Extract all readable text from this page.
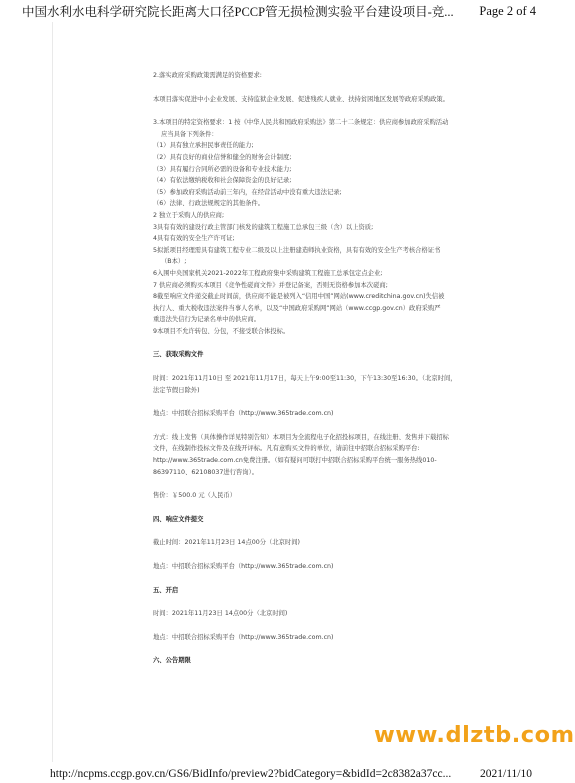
中国水利水电科学研究院长距离大口径PCCP管无损检测实验平台建设项目-竞... Page 2 of 4

2.落实政府采购政策需满足的资格要求:

本项目落实促进中小企业发展、支持监狱企业发展、促进残疾人就业、扶持贫困地区发展等政府采购政策。

3.本项目的特定资格要求：1 按《中华人民共和国政府采购法》第二十二条规定：供应商参加政府采购活动

应当具备下列条件：

（1）具有独立承担民事责任的能力;

（2）具有良好的商业信誉和健全的财务会计制度;

（3）具有履行合同所必需的设备和专业技术能力;

（4）有依法缴纳税收和社会保障资金的良好记录;

（5）参加政府采购活动前三年内，在经营活动中没有重大违法记录;

（6）法律、行政法规规定的其他条件。

2 独立于采购人的供应商;

3具有有效的建设行政主管部门核发的建筑工程施工总承包三级（含）以上资质;

4具有有效的安全生产许可证;

5拟派项目经理需具有建筑工程专业二级及以上注册建造师执业资格，具有有效的安全生产考核合格证书

（B本）;

6入围中央国家机关2021-2022年工程政府集中采购建筑工程施工总承包定点企业;

7 供应商必须购买本项目《竞争性磋商文件》并登记备案，否则无资格参加本次磋商;

8截至响应文件递交截止时间前，供应商不能是被列入“信用中国”网站(www.creditchina.gov.cn)失信被

执行人、重大税收违法案件当事人名单，以及“中国政府采购网”网站（www.ccgp.gov.cn）政府采购严

重违法失信行为记录名单中的供应商。

9本项目不允许转包、分包，不接受联合体投标。

三、获取采购文件

时间：2021年11月10日 至 2021年11月17日，每天上午9:00至11:30，下午13:30至16:30。（北京时间，

法定节假日除外)

地点：中招联合招标采购平台（http://www.365trade.com.cn)

方式：线上发售（具体操作详见特别告知）本项目为全流程电子化招投标项目，在线注册、发售并下载招标

文件，在线制作投标文件及在线开评标。凡有意购买文件的单位，请前往中招联合招标采购平台:

http://www.365trade.com.cn免费注册。（如有疑问可联打中招联合招标采购平台统一服务热线010-

86397110、62108037进行咨询）。

售价：￥500.0 元（人民币）

四、响应文件提交

截止时间：2021年11月23日 14点00分（北京时间)

地点：中招联合招标采购平台（http://www.365trade.com.cn)

五、开启

时间：2021年11月23日 14点00分（北京时间)

地点：中招联合招标采购平台（http://www.365trade.com.cn)

六、公告期限

www.dlztb.com
http://ncpms.ccgp.gov.cn/GS6/BidInfo/preview2?bidCategory=&bidId=2c8382a37cc...	2021/11/10
